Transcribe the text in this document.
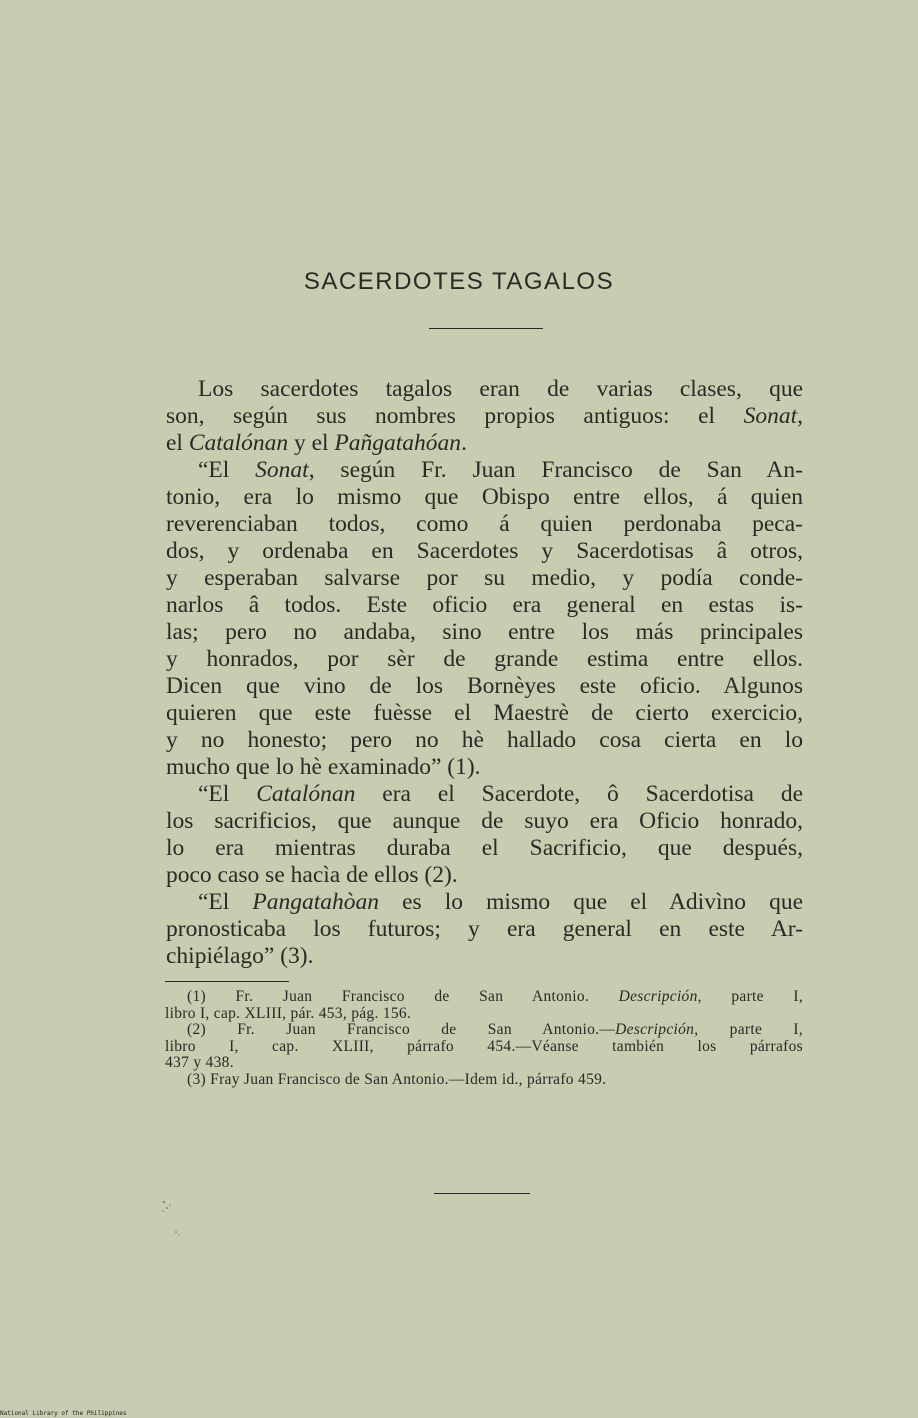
SACERDOTES TAGALOS
Los sacerdotes tagalos eran de varias clases, que
son, según sus nombres propios antiguos: el Sonat,
el Catalónan y el Pañgatahóan.
“El Sonat, según Fr. Juan Francisco de San An-
tonio, era lo mismo que Obispo entre ellos, á quien
reverenciaban todos, como á quien perdonaba peca-
dos, y ordenaba en Sacerdotes y Sacerdotisas â otros,
y esperaban salvarse por su medio, y podía conde-
narlos â todos. Este oficio era general en estas is-
las; pero no andaba, sino entre los más principales
y honrados, por sèr de grande estima entre ellos.
Dicen que vino de los Bornèyes este oficio. Algunos
quieren que este fuèsse el Maestrè de cierto exercicio,
y no honesto; pero no hè hallado cosa cierta en lo
mucho que lo hè examinado” (1).
“El Catalónan era el Sacerdote, ô Sacerdotisa de
los sacrificios, que aunque de suyo era Oficio honrado,
lo era mientras duraba el Sacrificio, que después,
poco caso se hacìa de ellos (2).
“El Pangatahòan es lo mismo que el Adivìno que
pronosticaba los futuros; y era general en este Ar-
chipiélago” (3).
(1) Fr. Juan Francisco de San Antonio. Descripción, parte I,
libro I, cap. XLIII, pár. 453, pág. 156.
(2) Fr. Juan Francisco de San Antonio.—Descripción, parte I,
libro I, cap. XLIII, párrafo 454.—Véanse también los párrafos
437 y 438.
(3) Fray Juan Francisco de San Antonio.—Idem id., párrafo 459.
National Library of the Philippines
